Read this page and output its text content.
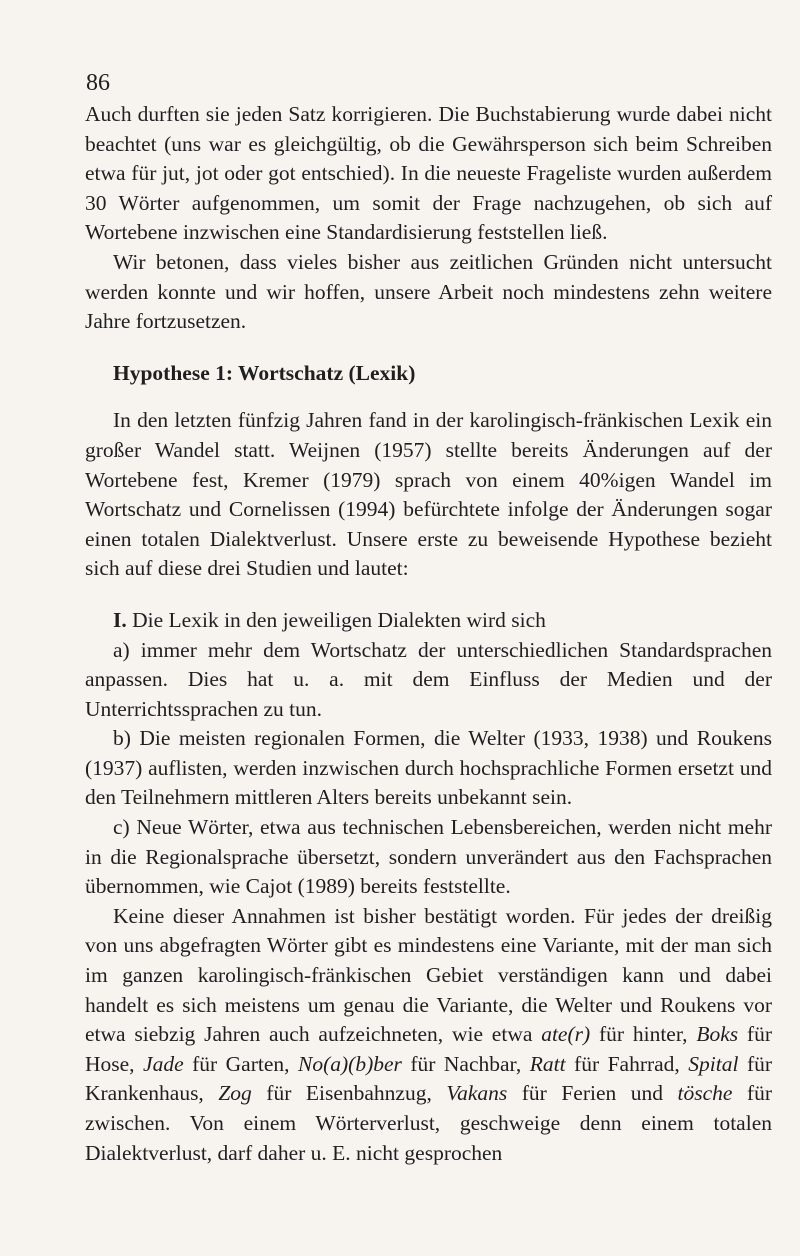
86

Auch durften sie jeden Satz korrigieren. Die Buchstabierung wurde dabei nicht beachtet (uns war es gleichgültig, ob die Gewährsperson sich beim Schreiben etwa für jut, jot oder got entschied). In die neueste Frageliste wurden außerdem 30 Wörter aufgenommen, um somit der Frage nachzugehen, ob sich auf Wortebene inzwischen eine Standardisierung feststellen ließ.

Wir betonen, dass vieles bisher aus zeitlichen Gründen nicht untersucht werden konnte und wir hoffen, unsere Arbeit noch mindestens zehn weitere Jahre fortzusetzen.

Hypothese 1: Wortschatz (Lexik)

In den letzten fünfzig Jahren fand in der karolingisch-fränkischen Lexik ein großer Wandel statt. Weijnen (1957) stellte bereits Änderungen auf der Wortebene fest, Kremer (1979) sprach von einem 40%igen Wandel im Wortschatz und Cornelissen (1994) befürchtete infolge der Änderungen sogar einen totalen Dialektverlust. Unsere erste zu beweisende Hypothese bezieht sich auf diese drei Studien und lautet:

I. Die Lexik in den jeweiligen Dialekten wird sich

a) immer mehr dem Wortschatz der unterschiedlichen Standardsprachen anpassen. Dies hat u. a. mit dem Einfluss der Medien und der Unterrichtssprachen zu tun.

b) Die meisten regionalen Formen, die Welter (1933, 1938) und Roukens (1937) auflisten, werden inzwischen durch hochsprachliche Formen ersetzt und den Teilnehmern mittleren Alters bereits unbekannt sein.

c) Neue Wörter, etwa aus technischen Lebensbereichen, werden nicht mehr in die Regionalsprache übersetzt, sondern unverändert aus den Fachsprachen übernommen, wie Cajot (1989) bereits feststellte.

Keine dieser Annahmen ist bisher bestätigt worden. Für jedes der dreißig von uns abgefragten Wörter gibt es mindestens eine Variante, mit der man sich im ganzen karolingisch-fränkischen Gebiet verständigen kann und dabei handelt es sich meistens um genau die Variante, die Welter und Roukens vor etwa siebzig Jahren auch aufzeichneten, wie etwa ate(r) für hinter, Boks für Hose, Jade für Garten, No(a)(b)ber für Nachbar, Ratt für Fahrrad, Spital für Krankenhaus, Zog für Eisenbahnzug, Vakans für Ferien und tösche für zwischen. Von einem Wörterverlust, geschweige denn einem totalen Dialektverlust, darf daher u. E. nicht gesprochen
